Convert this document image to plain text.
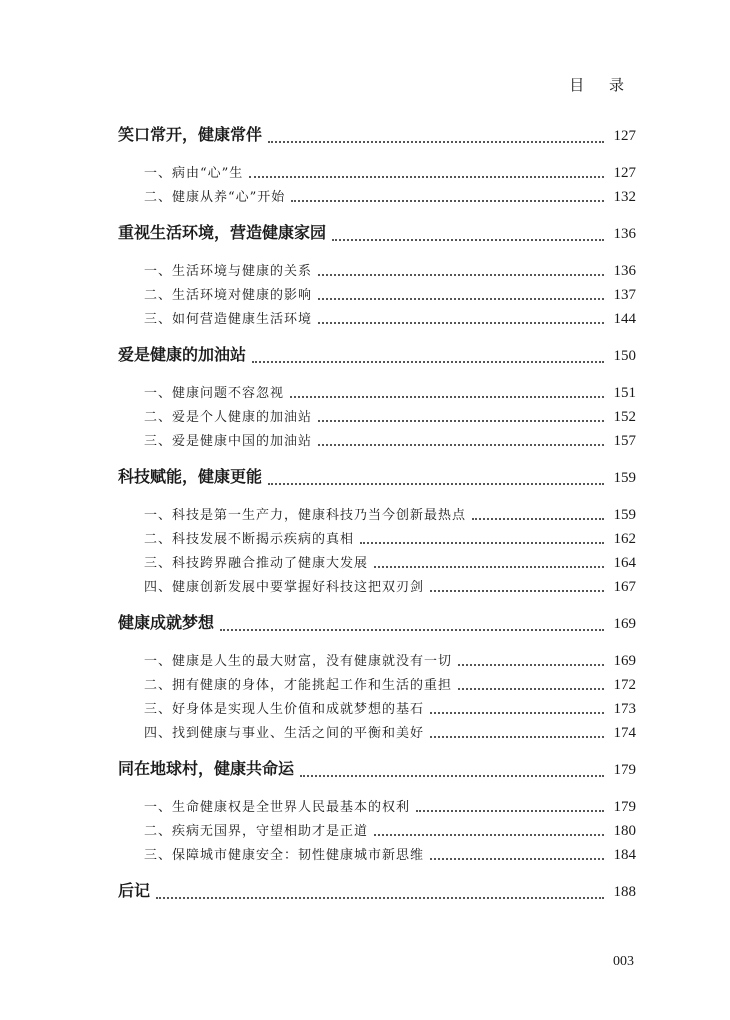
目 录
笑口常开，健康常伴	127
一、病由“心”生	127
二、健康从养“心”开始	132
重视生活环境，营造健康家园	136
一、生活环境与健康的关系	136
二、生活环境对健康的影响	137
三、如何营造健康生活环境	144
爱是健康的加油站	150
一、健康问题不容忽视	151
二、爱是个人健康的加油站	152
三、爱是健康中国的加油站	157
科技赋能，健康更能	159
一、科技是第一生产力，健康科技乃当今创新最热点	159
二、科技发展不断揭示疾病的真相	162
三、科技跨界融合推动了健康大发展	164
四、健康创新发展中要掌握好科技这把双刃剑	167
健康成就梦想	169
一、健康是人生的最大财富，没有健康就没有一切	169
二、拥有健康的身体，才能挑起工作和生活的重担	172
三、好身体是实现人生价值和成就梦想的基石	173
四、找到健康与事业、生活之间的平衡和美好	174
同在地球村，健康共命运	179
一、生命健康权是全世界人民最基本的权利	179
二、疾病无国界，守望相助才是正道	180
三、保障城市健康安全：韧性健康城市新思维	184
后记	188
003
